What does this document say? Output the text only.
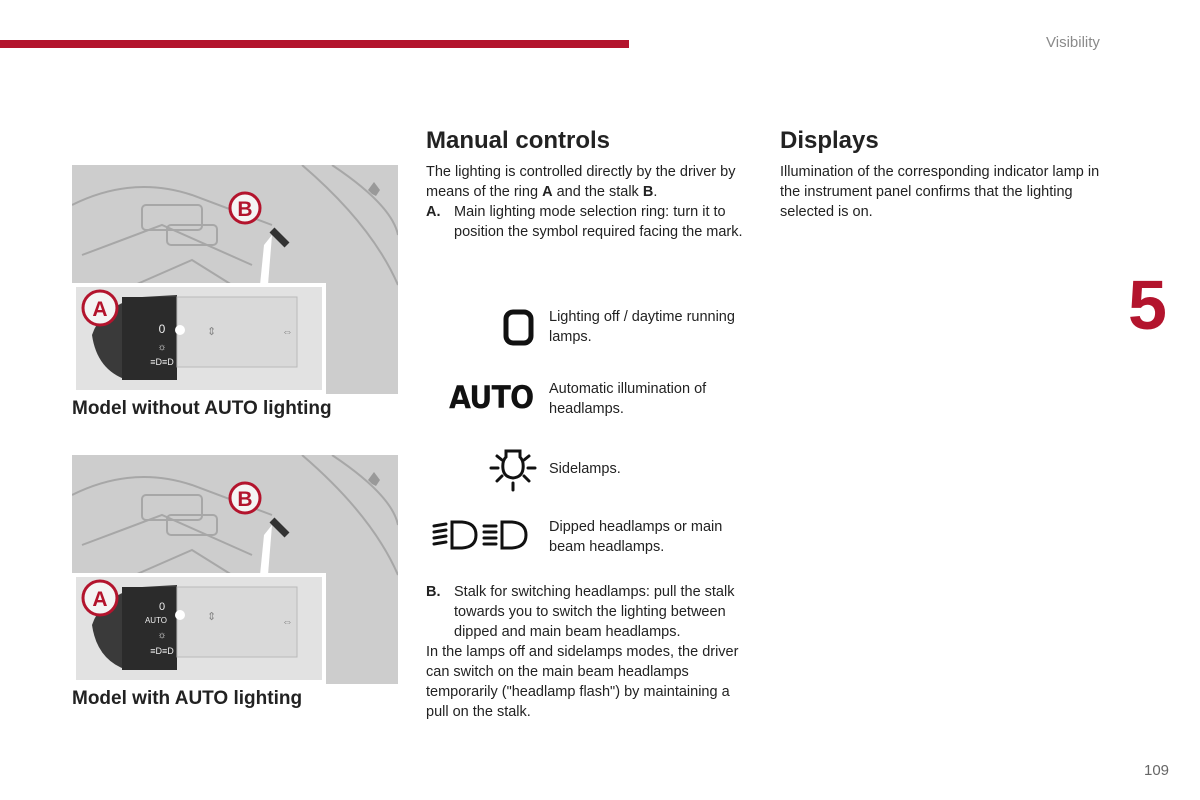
Visibility
5
109
B
0
☼
≡D≡D
⇕	⇔
A
Model without AUTO lighting
B
0
AUTO
☼
≡D≡D
⇕	⇔
A
Model with AUTO lighting
Manual controls

The lighting is controlled directly by the driver by means of the ring A and the stalk B.

A. Main lighting mode selection ring: turn it to position the symbol required facing the mark.
Lighting off / daytime running lamps.
AUTO Automatic illumination of headlamps.
Sidelamps.
Dipped headlamps or main beam headlamps.
B. Stalk for switching headlamps: pull the stalk towards you to switch the lighting between dipped and main beam headlamps.

In the lamps off and sidelamps modes, the driver can switch on the main beam headlamps temporarily ("headlamp flash") by maintaining a pull on the stalk.

Displays

Illumination of the corresponding indicator lamp in the instrument panel confirms that the lighting selected is on.
